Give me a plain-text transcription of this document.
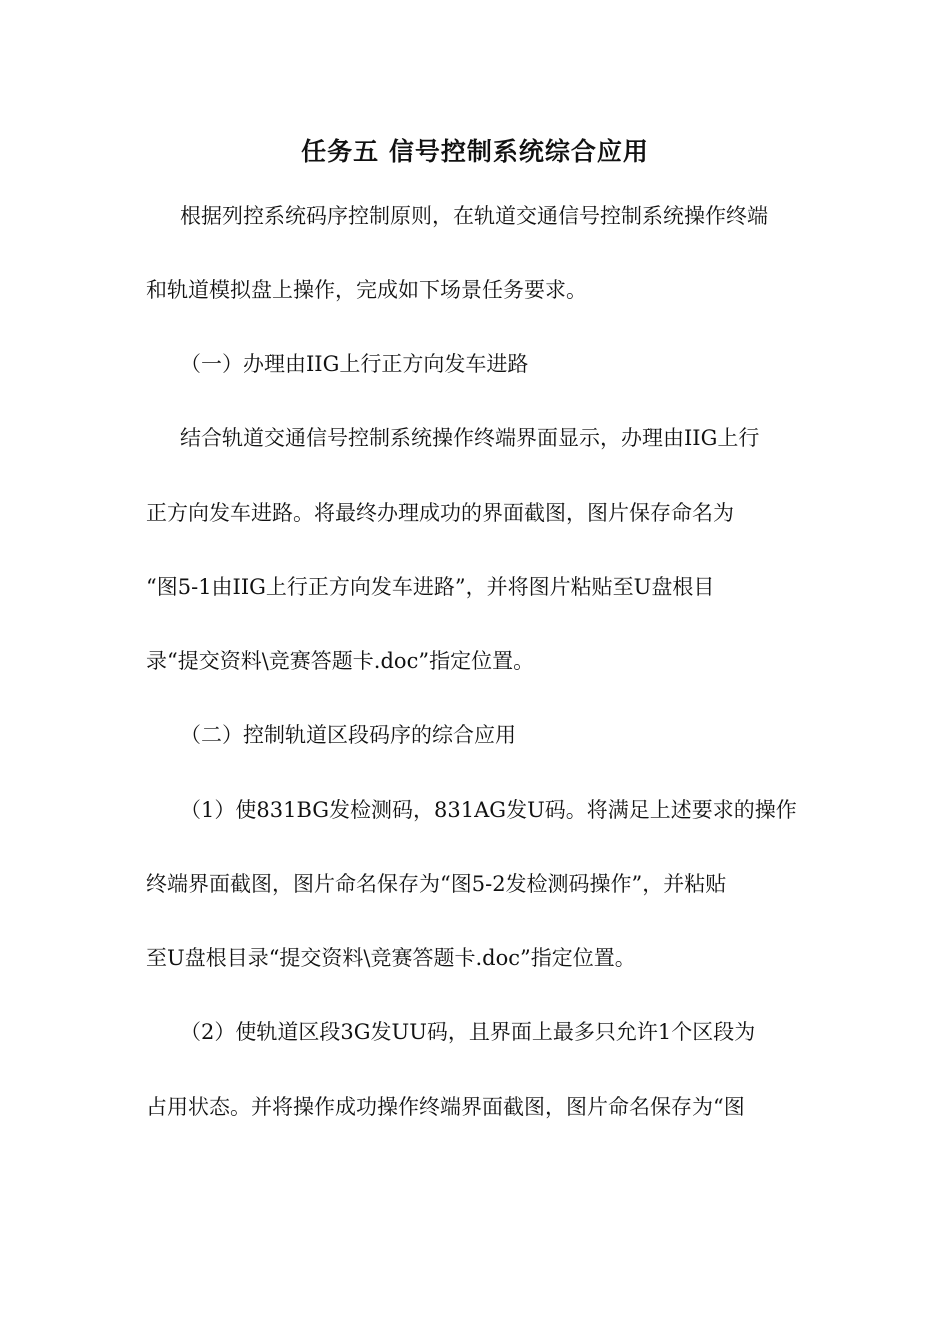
任务五 信号控制系统综合应用
根据列控系统码序控制原则，在轨道交通信号控制系统操作终端
和轨道模拟盘上操作，完成如下场景任务要求。
（一）办理由IIG上行正方向发车进路
结合轨道交通信号控制系统操作终端界面显示，办理由IIG上行
正方向发车进路。将最终办理成功的界面截图，图片保存命名为
“图5-1由IIG上行正方向发车进路”，并将图片粘贴至U盘根目
录“提交资料\竞赛答题卡.doc”指定位置。
（二）控制轨道区段码序的综合应用
（1）使831BG发检测码，831AG发U码。将满足上述要求的操作
终端界面截图，图片命名保存为“图5-2发检测码操作”，并粘贴
至U盘根目录“提交资料\竞赛答题卡.doc”指定位置。
（2）使轨道区段3G发UU码，且界面上最多只允许1个区段为
占用状态。并将操作成功操作终端界面截图，图片命名保存为“图
